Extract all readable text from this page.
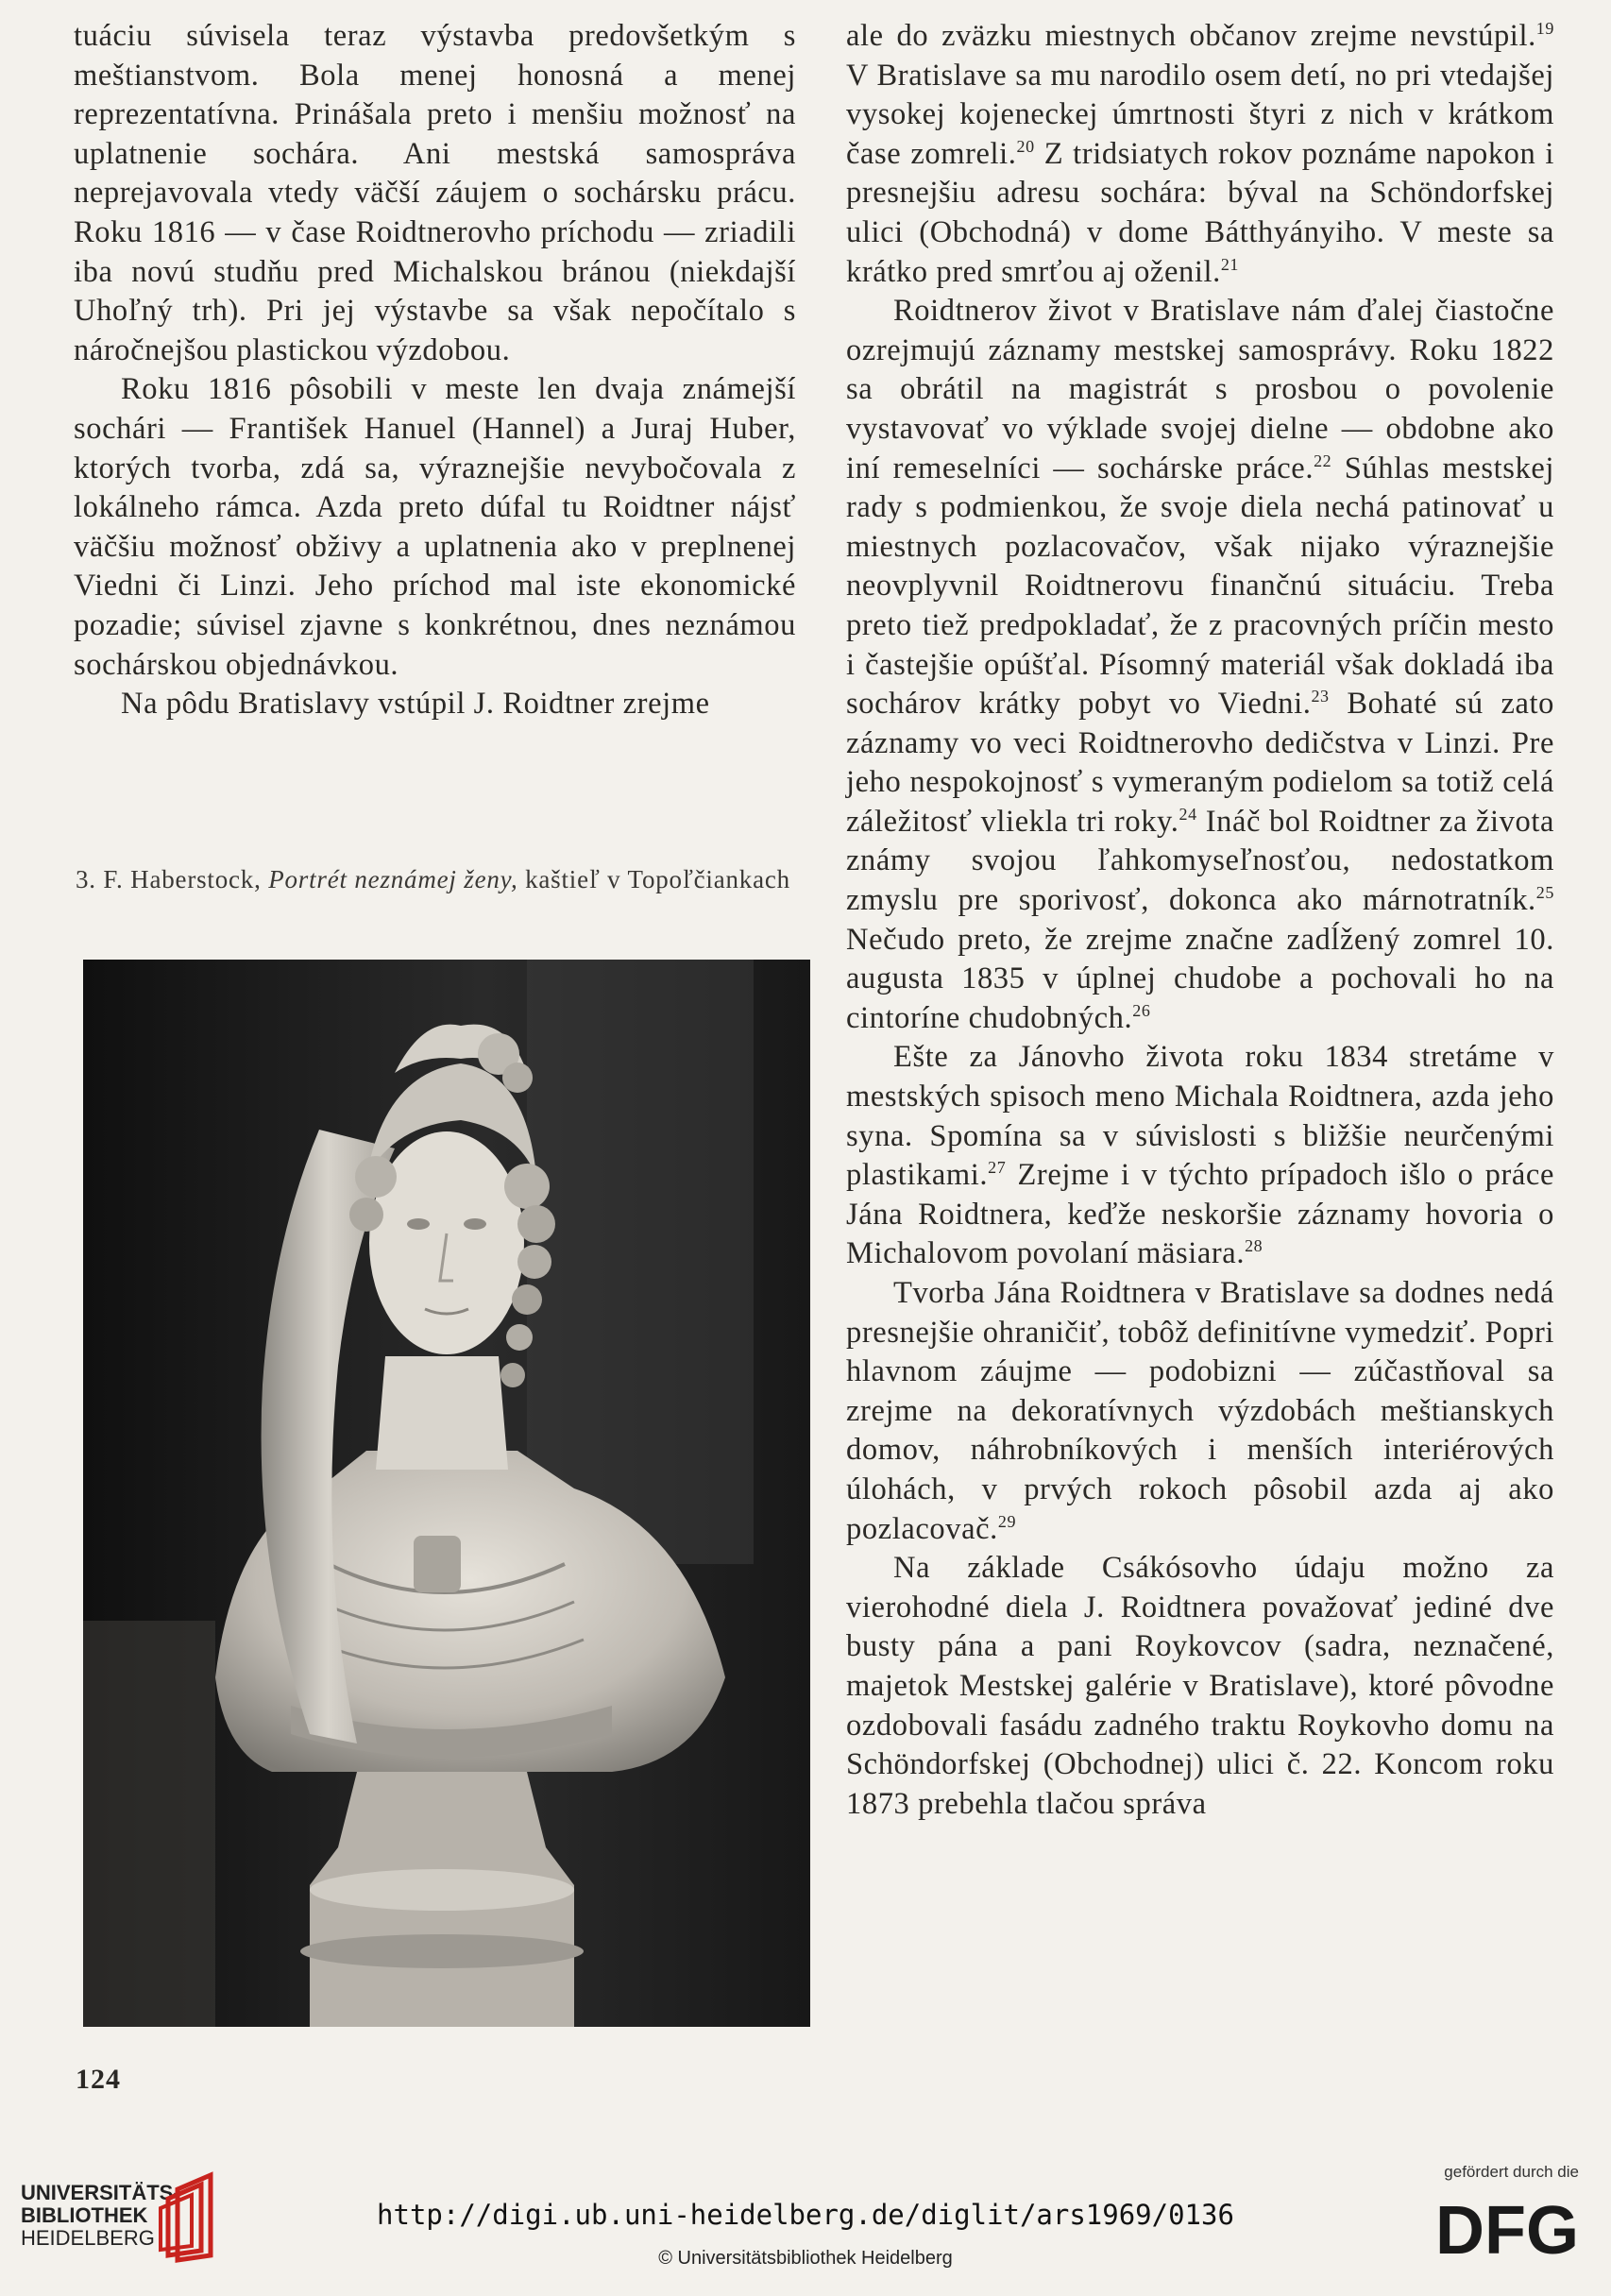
tuáciu súvisela teraz výstavba predovšetkým s meštianstvom. Bola menej honosná a menej reprezentatívna. Prinášala preto i menšiu možnosť na uplatnenie sochára. Ani mestská samospráva neprejavovala vtedy väčší záujem o sochársku prácu. Roku 1816 — v čase Roidtnerovho príchodu — zriadili iba novú studňu pred Michalskou bránou (niekdajší Uhoľný trh). Pri jej výstavbe sa však nepočítalo s náročnejšou plastickou výzdobou.

Roku 1816 pôsobili v meste len dvaja známejší sochári — František Hanuel (Hannel) a Juraj Huber, ktorých tvorba, zdá sa, výraznejšie nevybočovala z lokálneho rámca. Azda preto dúfal tu Roidtner nájsť väčšiu možnosť obživy a uplatnenia ako v preplnenej Viedni či Linzi. Jeho príchod mal iste ekonomické pozadie; súvisel zjavne s konkrétnou, dnes neznámou sochárskou objednávkou.

Na pôdu Bratislavy vstúpil J. Roidtner zrejme

3. F. Haberstock, Portrét neznámej ženy, kaštieľ v Topoľčiankach

ale do zväzku miestnych občanov zrejme nevstúpil.$^{19}$ V Bratislave sa mu narodilo osem detí, no pri vtedajšej vysokej kojeneckej úmrtnosti štyri z nich v krátkom čase zomreli.$^{20}$ Z tridsiatych rokov poznáme napokon i presnejšiu adresu sochára: býval na Schöndorfskej ulici (Obchodná) v dome Bátthyányiho. V meste sa krátko pred smrťou aj oženil.$^{21}$

Roidtnerov život v Bratislave nám ďalej čiastočne ozrejmujú záznamy mestskej samosprávy. Roku 1822 sa obrátil na magistrát s prosbou o povolenie vystavovať vo výklade svojej dielne — obdobne ako iní remeselníci — sochárske práce.$^{22}$ Súhlas mestskej rady s podmienkou, že svoje diela nechá patinovať u miestnych pozlacovačov, však nijako výraznejšie neovplyvnil Roidtnerovu finančnú situáciu. Treba preto tiež predpokladať, že z pracovných príčin mesto i častejšie opúšťal. Písomný materiál však dokladá iba sochárov krátky pobyt vo Viedni.$^{23}$ Bohaté sú zato záznamy vo veci Roidtnerovho dedičstva v Linzi. Pre jeho nespokojnosť s vymeraným podielom sa totiž celá záležitosť vliekla tri roky.$^{24}$ Ináč bol Roidtner za života známy svojou ľahkomyseľnosťou, nedostatkom zmyslu pre sporivosť, dokonca ako márnotratník.$^{25}$ Nečudo preto, že zrejme značne zadĺžený zomrel 10. augusta 1835 v úplnej chudobe a pochovali ho na cintoríne chudobných.$^{26}$

Ešte za Jánovho života roku 1834 stretáme v mestských spisoch meno Michala Roidtnera, azda jeho syna. Spomína sa v súvislosti s bližšie neurčenými plastikami.$^{27}$ Zrejme i v týchto prípadoch išlo o práce Jána Roidtnera, keďže neskoršie záznamy hovoria o Michalovom povolaní mäsiara.$^{28}$

Tvorba Jána Roidtnera v Bratislave sa dodnes nedá presnejšie ohraničiť, tobôž definitívne vymedziť. Popri hlavnom záujme — podobizni — zúčastňoval sa zrejme na dekoratívnych výzdobách meštianskych domov, náhrobníkových i menších interiérových úlohách, v prvých rokoch pôsobil azda aj ako pozlacovač.$^{29}$

Na základe Csákósovho údaju možno za vierohodné diela J. Roidtnera považovať jediné dve busty pána a pani Roykovcov (sadra, neznačené, majetok Mestskej galérie v Bratislave), ktoré pôvodne ozdobovali fasádu zadného traktu Roykovho domu na Schöndorfskej (Obchodnej) ulici č. 22. Koncom roku 1873 prebehla tlačou správa

124
UNIVERSITÄTS-
BIBLIOTHEK
HEIDELBERG
http://digi.ub.uni-heidelberg.de/diglit/ars1969/0136
© Universitätsbibliothek Heidelberg
gefördert durch die
DFG
